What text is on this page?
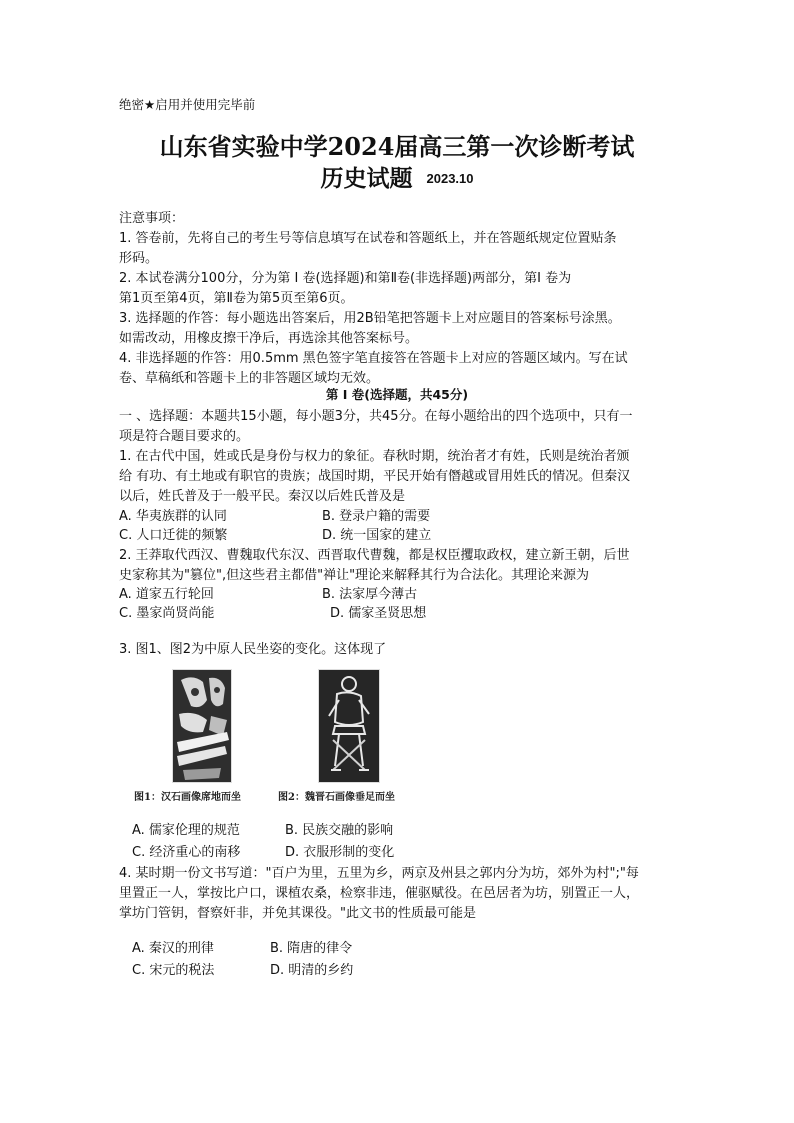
绝密★启用并使用完毕前
山东省实验中学2024届高三第一次诊断考试
历史试题 2023.10
注意事项：
1. 答卷前，先将自己的考生号等信息填写在试卷和答题纸上，并在答题纸规定位置贴条
形码。
2. 本试卷满分100分，分为第 Ⅰ 卷(选择题)和第Ⅱ卷(非选择题)两部分，第Ⅰ 卷为
第1页至第4页，第Ⅱ卷为第5页至第6页。
3. 选择题的作答：每小题选出答案后，用2B铅笔把答题卡上对应题目的答案标号涂黑。
如需改动，用橡皮擦干净后，再选涂其他答案标号。
4. 非选择题的作答：用0.5mm 黑色签字笔直接答在答题卡上对应的答题区域内。写在试
卷、草稿纸和答题卡上的非答题区域均无效。
第 Ⅰ 卷(选择题，共45分)
一 、选择题：本题共15小题，每小题3分，共45分。在每小题给出的四个选项中，只有一
项是符合题目要求的。
1. 在古代中国，姓或氏是身份与权力的象征。春秋时期，统治者才有姓，氏则是统治者颁
给 有功、有土地或有职官的贵族；战国时期，平民开始有僭越或冒用姓氏的情况。但秦汉
以后，姓氏普及于一般平民。秦汉以后姓氏普及是
A. 华夷族群的认同	B. 登录户籍的需要
C. 人口迁徙的频繁	D. 统一国家的建立
2. 王莽取代西汉、曹魏取代东汉、西晋取代曹魏，都是权臣攫取政权，建立新王朝，后世
史家称其为"篡位",但这些君主都借"禅让"理论来解释其行为合法化。其理论来源为
A. 道家五行轮回	B. 法家厚今薄古
C. 墨家尚贤尚能	D. 儒家圣贤思想
3. 图1、图2为中原人民坐姿的变化。这体现了
图1：汉石画像席地而坐	图2：魏晋石画像垂足而坐
A. 儒家伦理的规范	B. 民族交融的影响
C. 经济重心的南移	D. 衣服形制的变化
4. 某时期一份文书写道："百户为里，五里为乡，两京及州县之郭内分为坊，郊外为村";"每
里置正一人，掌按比户口，课植农桑，检察非违，催驱赋役。在邑居者为坊，别置正一人，
掌坊门管钥，督察奸非，并免其课役。"此文书的性质最可能是
A. 秦汉的刑律	B. 隋唐的律令
C. 宋元的税法	D. 明清的乡约
